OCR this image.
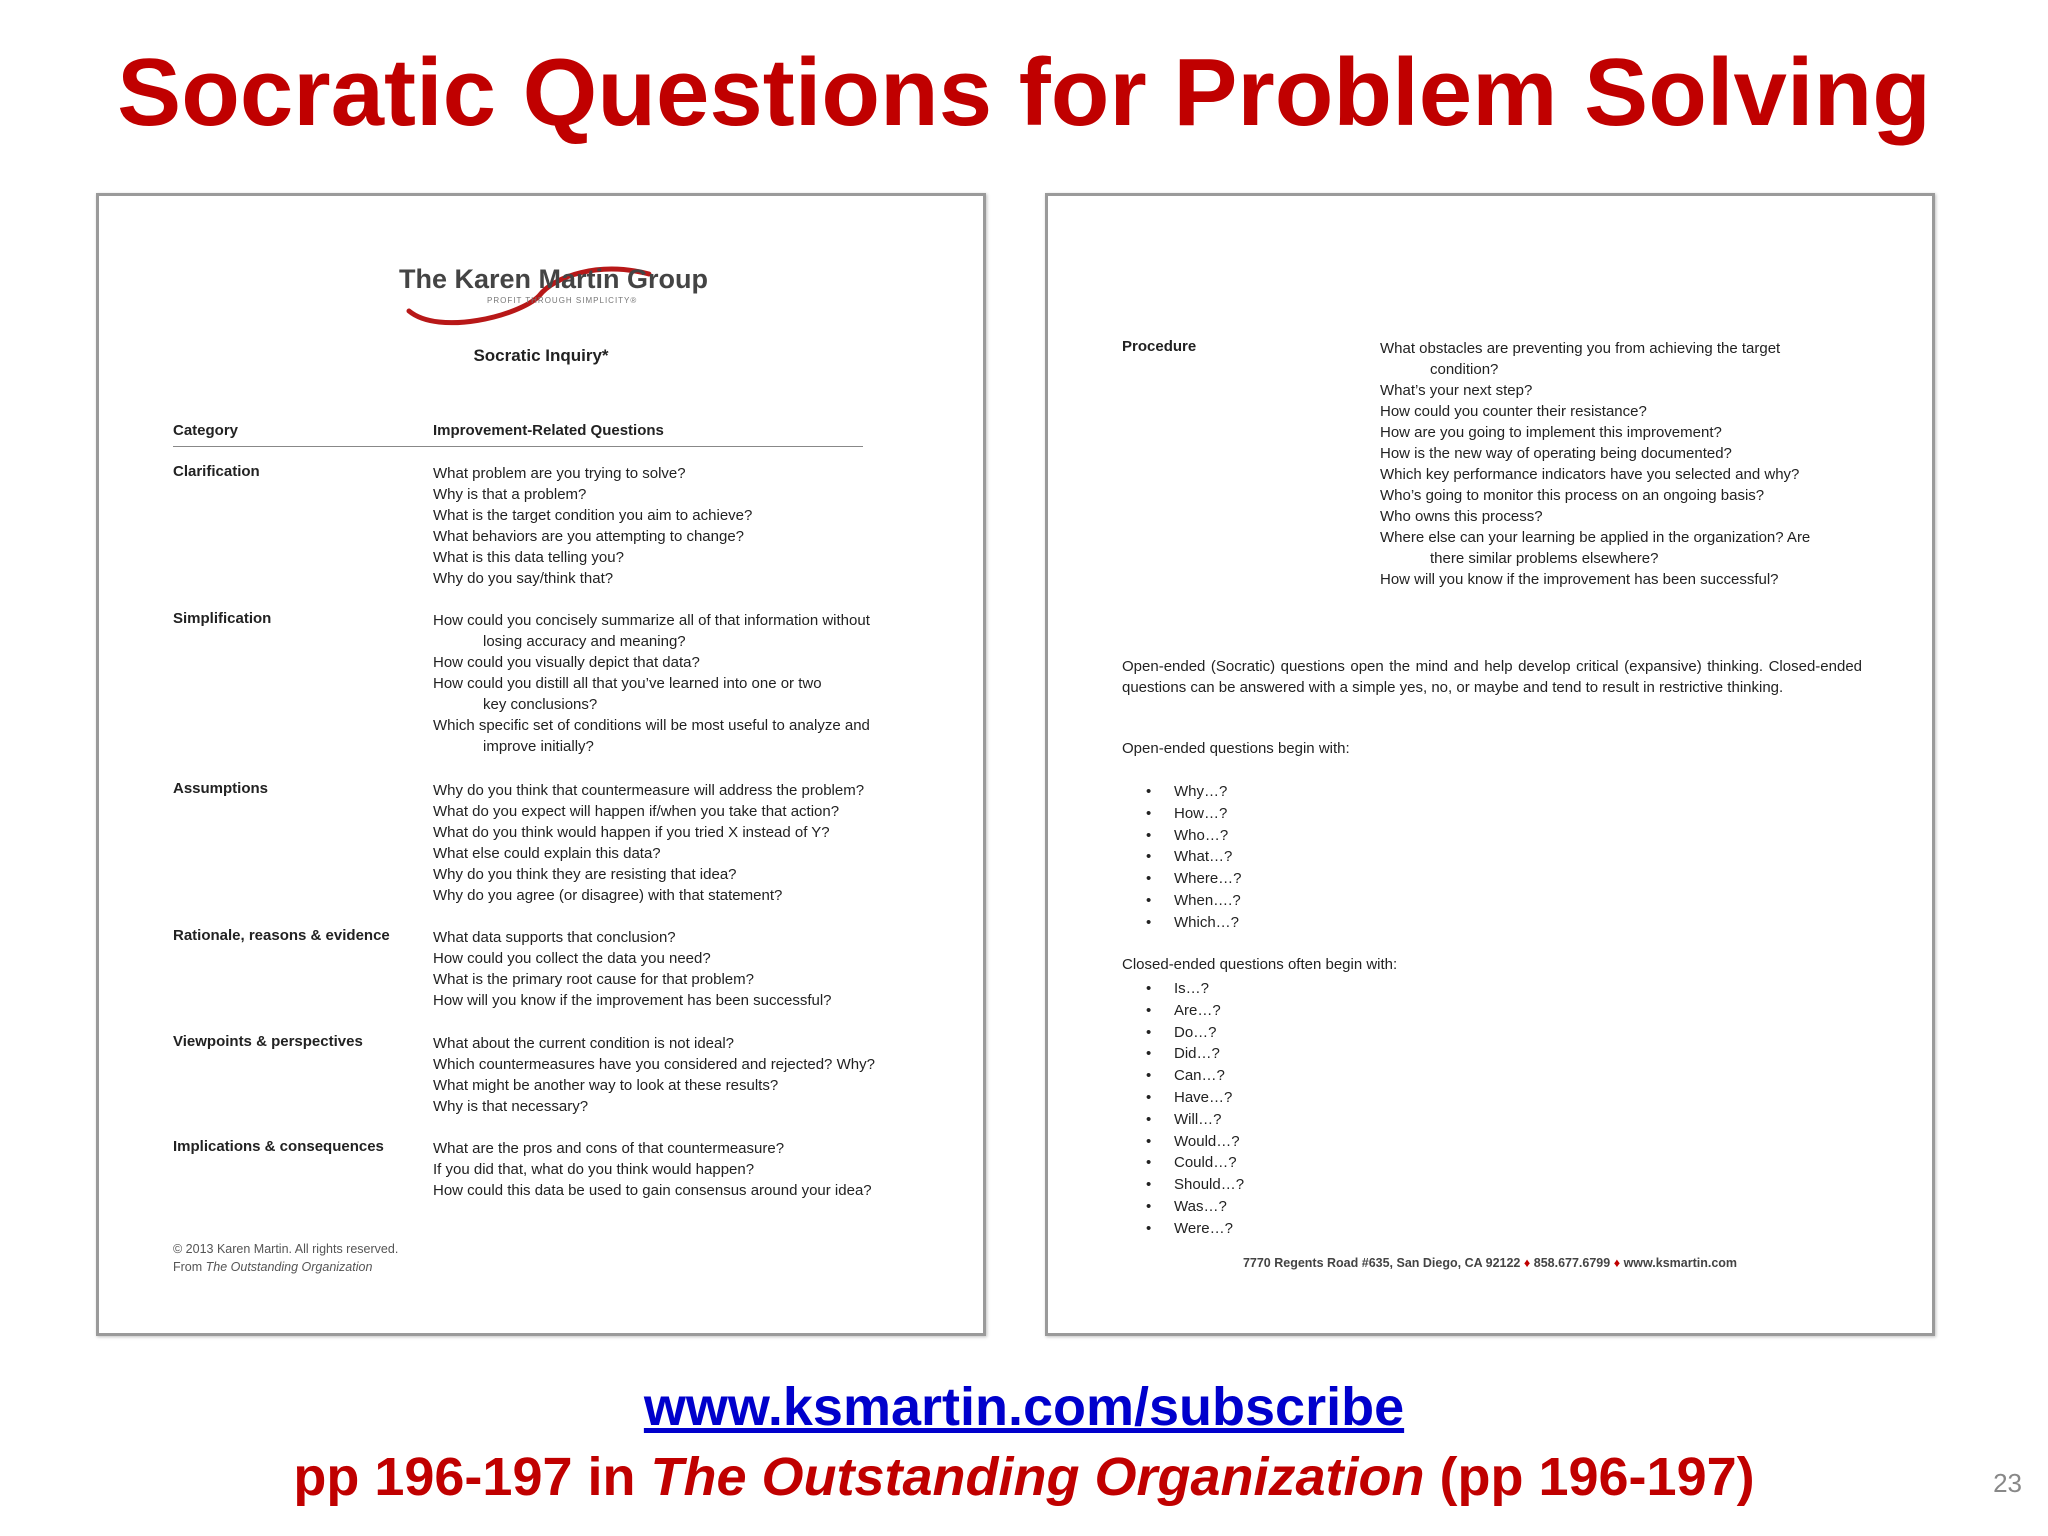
Socratic Questions for Problem Solving
The Karen Martin Group
PROFIT THROUGH SIMPLICITY®
Socratic Inquiry*
Category	Improvement-Related Questions
Clarification	What problem are you trying to solve?
Why is that a problem?
What is the target condition you aim to achieve?
What behaviors are you attempting to change?
What is this data telling you?
Why do you say/think that?
Simplification	How could you concisely summarize all of that information without
losing accuracy and meaning?
How could you visually depict that data?
How could you distill all that you’ve learned into one or two
key conclusions?
Which specific set of conditions will be most useful to analyze and
improve initially?
Assumptions	Why do you think that countermeasure will address the problem?
What do you expect will happen if/when you take that action?
What do you think would happen if you tried X instead of Y?
What else could explain this data?
Why do you think they are resisting that idea?
Why do you agree (or disagree) with that statement?
Rationale, reasons & evidence	What data supports that conclusion?
How could you collect the data you need?
What is the primary root cause for that problem?
How will you know if the improvement has been successful?
Viewpoints & perspectives	What about the current condition is not ideal?
Which countermeasures have you considered and rejected? Why?
What might be another way to look at these results?
Why is that necessary?
Implications & consequences	What are the pros and cons of that countermeasure?
If you did that, what do you think would happen?
How could this data be used to gain consensus around your idea?
© 2013 Karen Martin. All rights reserved.
From The Outstanding Organization
Procedure	What obstacles are preventing you from achieving the target
condition?
What’s your next step?
How could you counter their resistance?
How are you going to implement this improvement?
How is the new way of operating being documented?
Which key performance indicators have you selected and why?
Who’s going to monitor this process on an ongoing basis?
Who owns this process?
Where else can your learning be applied in the organization? Are
there similar problems elsewhere?
How will you know if the improvement has been successful?
Open-ended (Socratic) questions open the mind and help develop critical (expansive) thinking. Closed-ended questions can be answered with a simple yes, no, or maybe and tend to result in restrictive thinking.
Open-ended questions begin with:
• Why…?
• How…?
• Who…?
• What…?
• Where…?
• When….?
• Which…?
Closed-ended questions often begin with:
• Is…?
• Are…?
• Do…?
• Did…?
• Can…?
• Have…?
• Will…?
• Would…?
• Could…?
• Should…?
• Was…?
• Were…?
7770 Regents Road #635, San Diego, CA 92122 ♦ 858.677.6799 ♦ www.ksmartin.com
www.ksmartin.com/subscribe
pp 196-197 in The Outstanding Organization (pp 196-197)	23
